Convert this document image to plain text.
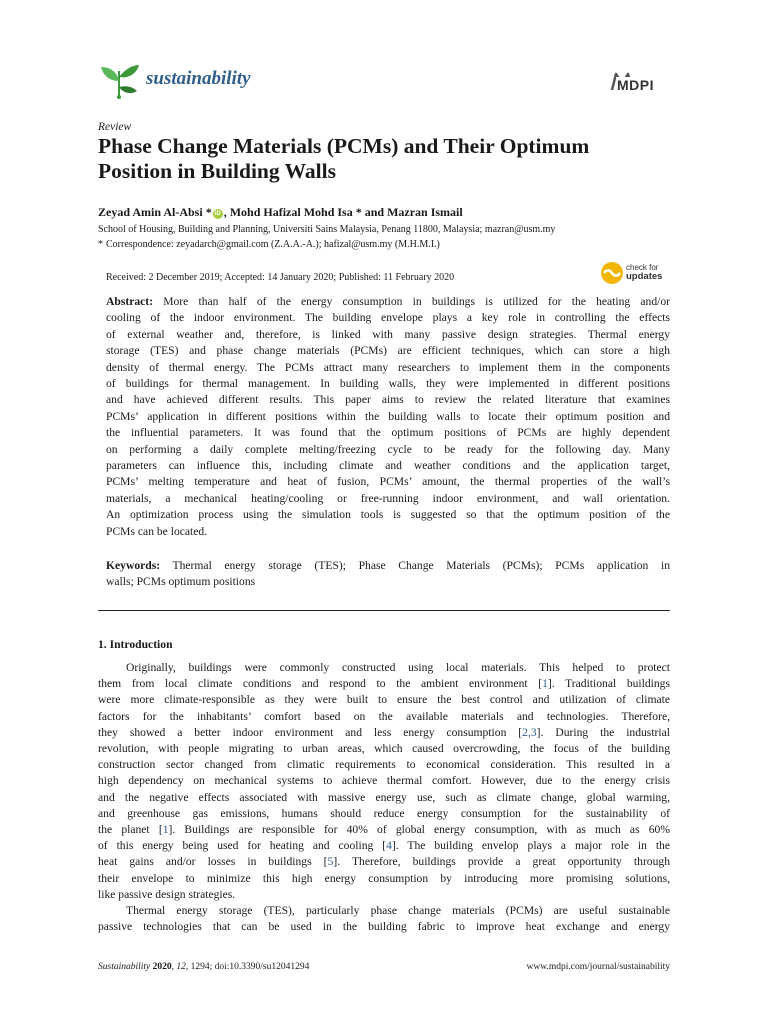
sustainability	MDPI
Review
Phase Change Materials (PCMs) and Their Optimum
Position in Building Walls
Zeyad Amin Al-Absi * iD , Mohd Hafizal Mohd Isa * and Mazran Ismail
School of Housing, Building and Planning, Universiti Sains Malaysia, Penang 11800, Malaysia; mazran@usm.my
* Correspondence: zeyadarch@gmail.com (Z.A.A.-A.); hafizal@usm.my (M.H.M.I.)
Received: 2 December 2019; Accepted: 14 January 2020; Published: 11 February 2020
check for
updates
Abstract: More than half of the energy consumption in buildings is utilized for the heating and/or
cooling of the indoor environment. The building envelope plays a key role in controlling the effects
of external weather and, therefore, is linked with many passive design strategies. Thermal energy
storage (TES) and phase change materials (PCMs) are efficient techniques, which can store a high
density of thermal energy. The PCMs attract many researchers to implement them in the components
of buildings for thermal management. In building walls, they were implemented in different positions
and have achieved different results. This paper aims to review the related literature that examines
PCMs’ application in different positions within the building walls to locate their optimum position and
the influential parameters. It was found that the optimum positions of PCMs are highly dependent
on performing a daily complete melting/freezing cycle to be ready for the following day. Many
parameters can influence this, including climate and weather conditions and the application target,
PCMs’ melting temperature and heat of fusion, PCMs’ amount, the thermal properties of the wall’s
materials, a mechanical heating/cooling or free-running indoor environment, and wall orientation.
An optimization process using the simulation tools is suggested so that the optimum position of the
PCMs can be located.
Keywords: Thermal energy storage (TES); Phase Change Materials (PCMs); PCMs application in
walls; PCMs optimum positions
1. Introduction
Originally, buildings were commonly constructed using local materials. This helped to protect
them from local climate conditions and respond to the ambient environment [1]. Traditional buildings
were more climate-responsible as they were built to ensure the best control and utilization of climate
factors for the inhabitants’ comfort based on the available materials and technologies. Therefore,
they showed a better indoor environment and less energy consumption [2,3]. During the industrial
revolution, with people migrating to urban areas, which caused overcrowding, the focus of the building
construction sector changed from climatic requirements to economical consideration. This resulted in a
high dependency on mechanical systems to achieve thermal comfort. However, due to the energy crisis
and the negative effects associated with massive energy use, such as climate change, global warming,
and greenhouse gas emissions, humans should reduce energy consumption for the sustainability of
the planet [1]. Buildings are responsible for 40% of global energy consumption, with as much as 60%
of this energy being used for heating and cooling [4]. The building envelop plays a major role in the
heat gains and/or losses in buildings [5]. Therefore, buildings provide a great opportunity through
their envelope to minimize this high energy consumption by introducing more promising solutions,
like passive design strategies.
Thermal energy storage (TES), particularly phase change materials (PCMs) are useful sustainable
passive technologies that can be used in the building fabric to improve heat exchange and energy
Sustainability 2020, 12, 1294; doi:10.3390/su12041294	www.mdpi.com/journal/sustainability
